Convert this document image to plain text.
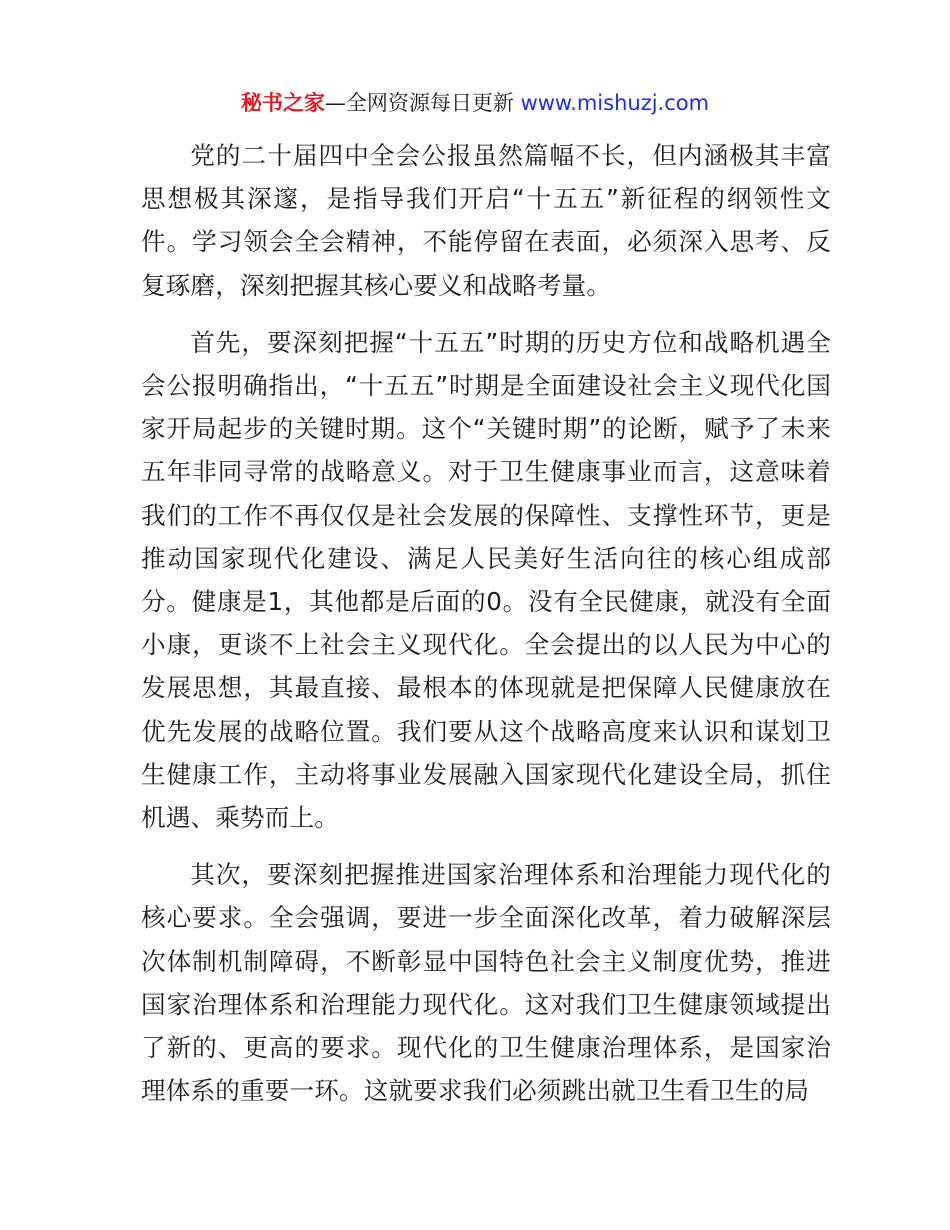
秘书之家—全网资源每日更新 www.mishuzj.com

党的二十届四中全会公报虽然篇幅不长，但内涵极其丰富思想极其深邃，是指导我们开启“十五五”新征程的纲领性文件。学习领会全会精神，不能停留在表面，必须深入思考、反复琢磨，深刻把握其核心要义和战略考量。

首先，要深刻把握“十五五”时期的历史方位和战略机遇全会公报明确指出，“十五五”时期是全面建设社会主义现代化国家开局起步的关键时期。这个“关键时期”的论断，赋予了未来五年非同寻常的战略意义。对于卫生健康事业而言，这意味着我们的工作不再仅仅是社会发展的保障性、支撑性环节，更是推动国家现代化建设、满足人民美好生活向往的核心组成部分。健康是1，其他都是后面的0。没有全民健康，就没有全面小康，更谈不上社会主义现代化。全会提出的以人民为中心的发展思想，其最直接、最根本的体现就是把保障人民健康放在优先发展的战略位置。我们要从这个战略高度来认识和谋划卫生健康工作，主动将事业发展融入国家现代化建设全局，抓住机遇、乘势而上。

其次，要深刻把握推进国家治理体系和治理能力现代化的核心要求。全会强调，要进一步全面深化改革，着力破解深层次体制机制障碍，不断彰显中国特色社会主义制度优势，推进国家治理体系和治理能力现代化。这对我们卫生健康领域提出了新的、更高的要求。现代化的卫生健康治理体系，是国家治理体系的重要一环。这就要求我们必须跳出就卫生看卫生的局
